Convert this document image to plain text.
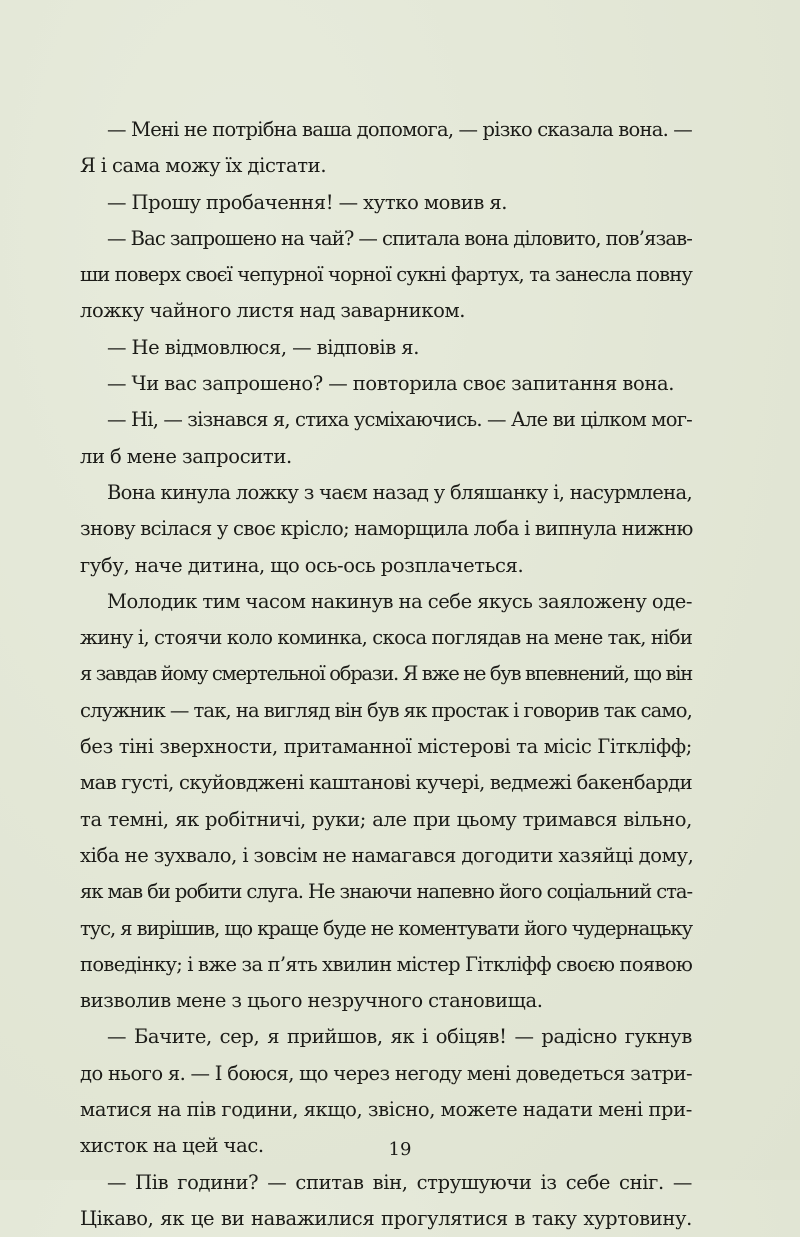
— Мені не потрібна ваша допомога, — різко сказала вона. —
Я і сама можу їх дістати.
— Прошу пробачення! — хутко мовив я.
— Вас запрошено на чай? — спитала вона діловито, пов’язав-
ши поверх своєї чепурної чорної сукні фартух, та занесла повну
ложку чайного листя над заварником.
— Не відмовлюся, — відповів я.
— Чи вас запрошено? — повторила своє запитання вона.
— Ні, — зізнався я, стиха усміхаючись. — Але ви цілком мог-
ли б мене запросити.
Вона кинула ложку з чаєм назад у бляшанку і, насурмлена,
знову всілася у своє крісло; наморщила лоба і випнула нижню
губу, наче дитина, що ось-ось розплачеться.
Молодик тим часом накинув на себе якусь заяложену оде-
жину і, стоячи коло коминка, скоса поглядав на мене так, ніби
я завдав йому смертельної образи. Я вже не був впевнений, що він
служник — так, на вигляд він був як простак і говорив так само,
без тіні зверхности, притаманної містерові та місіс Гіткліфф;
мав густі, скуйовджені каштанові кучері, ведмежі бакенбарди
та темні, як робітничі, руки; але при цьому тримався вільно,
хіба не зухвало, і зовсім не намагався догодити хазяйці дому,
як мав би робити слуга. Не знаючи напевно його соціальний ста-
тус, я вирішив, що краще буде не коментувати його чудернацьку
поведінку; і вже за п’ять хвилин містер Гіткліфф своєю появою
визволив мене з цього незручного становища.
— Бачите, сер, я прийшов, як і обіцяв! — радісно гукнув
до нього я. — І боюся, що через негоду мені доведеться затри-
матися на пів години, якщо, звісно, можете надати мені при-
хисток на цей час.
— Пів години? — спитав він, струшуючи із себе сніг. —
Цікаво, як це ви наважилися прогулятися в таку хуртовину.
19
